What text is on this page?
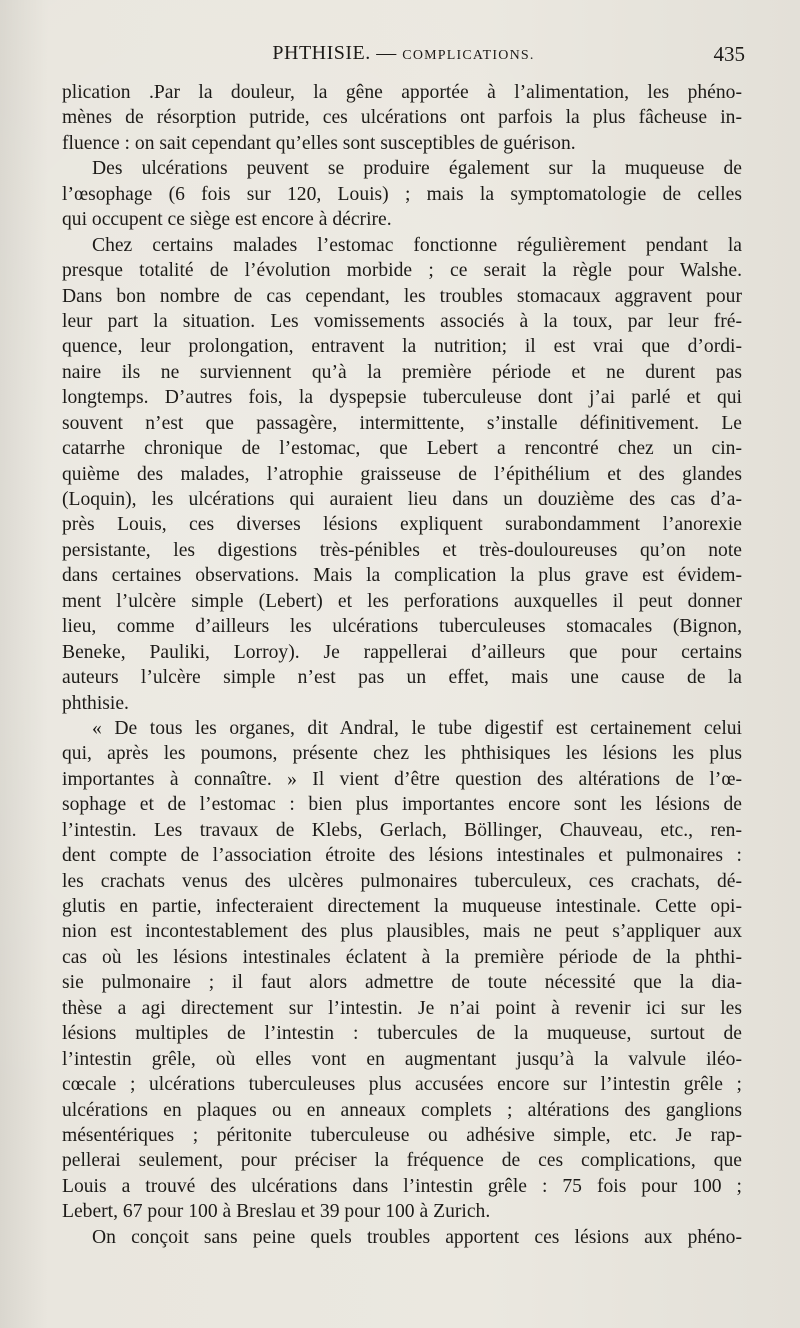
PHTHISIE. — COMPLICATIONS.	435
plication .Par la douleur, la gêne apportée à l’alimentation, les phéno-
mènes de résorption putride, ces ulcérations ont parfois la plus fâcheuse in-
fluence : on sait cependant qu’elles sont susceptibles de guérison.
Des ulcérations peuvent se produire également sur la muqueuse de
l’œsophage (6 fois sur 120, Louis) ; mais la symptomatologie de celles
qui occupent ce siège est encore à décrire.
Chez certains malades l’estomac fonctionne régulièrement pendant la
presque totalité de l’évolution morbide ; ce serait la règle pour Walshe.
Dans bon nombre de cas cependant, les troubles stomacaux aggravent pour
leur part la situation. Les vomissements associés à la toux, par leur fré-
quence, leur prolongation, entravent la nutrition; il est vrai que d’ordi-
naire ils ne surviennent qu’à la première période et ne durent pas
longtemps. D’autres fois, la dyspepsie tuberculeuse dont j’ai parlé et qui
souvent n’est que passagère, intermittente, s’installe définitivement. Le
catarrhe chronique de l’estomac, que Lebert a rencontré chez un cin-
quième des malades, l’atrophie graisseuse de l’épithélium et des glandes
(Loquin), les ulcérations qui auraient lieu dans un douzième des cas d’a-
près Louis, ces diverses lésions expliquent surabondamment l’anorexie
persistante, les digestions très-pénibles et très-douloureuses qu’on note
dans certaines observations. Mais la complication la plus grave est évidem-
ment l’ulcère simple (Lebert) et les perforations auxquelles il peut donner
lieu, comme d’ailleurs les ulcérations tuberculeuses stomacales (Bignon,
Beneke, Pauliki, Lorroy). Je rappellerai d’ailleurs que pour certains
auteurs l’ulcère simple n’est pas un effet, mais une cause de la
phthisie.
« De tous les organes, dit Andral, le tube digestif est certainement celui
qui, après les poumons, présente chez les phthisiques les lésions les plus
importantes à connaître. » Il vient d’être question des altérations de l’œ-
sophage et de l’estomac : bien plus importantes encore sont les lésions de
l’intestin. Les travaux de Klebs, Gerlach, Böllinger, Chauveau, etc., ren-
dent compte de l’association étroite des lésions intestinales et pulmonaires :
les crachats venus des ulcères pulmonaires tuberculeux, ces crachats, dé-
glutis en partie, infecteraient directement la muqueuse intestinale. Cette opi-
nion est incontestablement des plus plausibles, mais ne peut s’appliquer aux
cas où les lésions intestinales éclatent à la première période de la phthi-
sie pulmonaire ; il faut alors admettre de toute nécessité que la dia-
thèse a agi directement sur l’intestin. Je n’ai point à revenir ici sur les
lésions multiples de l’intestin : tubercules de la muqueuse, surtout de
l’intestin grêle, où elles vont en augmentant jusqu’à la valvule iléo-
cœcale ; ulcérations tuberculeuses plus accusées encore sur l’intestin grêle ;
ulcérations en plaques ou en anneaux complets ; altérations des ganglions
mésentériques ; péritonite tuberculeuse ou adhésive simple, etc. Je rap-
pellerai seulement, pour préciser la fréquence de ces complications, que
Louis a trouvé des ulcérations dans l’intestin grêle : 75 fois pour 100 ;
Lebert, 67 pour 100 à Breslau et 39 pour 100 à Zurich.
On conçoit sans peine quels troubles apportent ces lésions aux phéno-
